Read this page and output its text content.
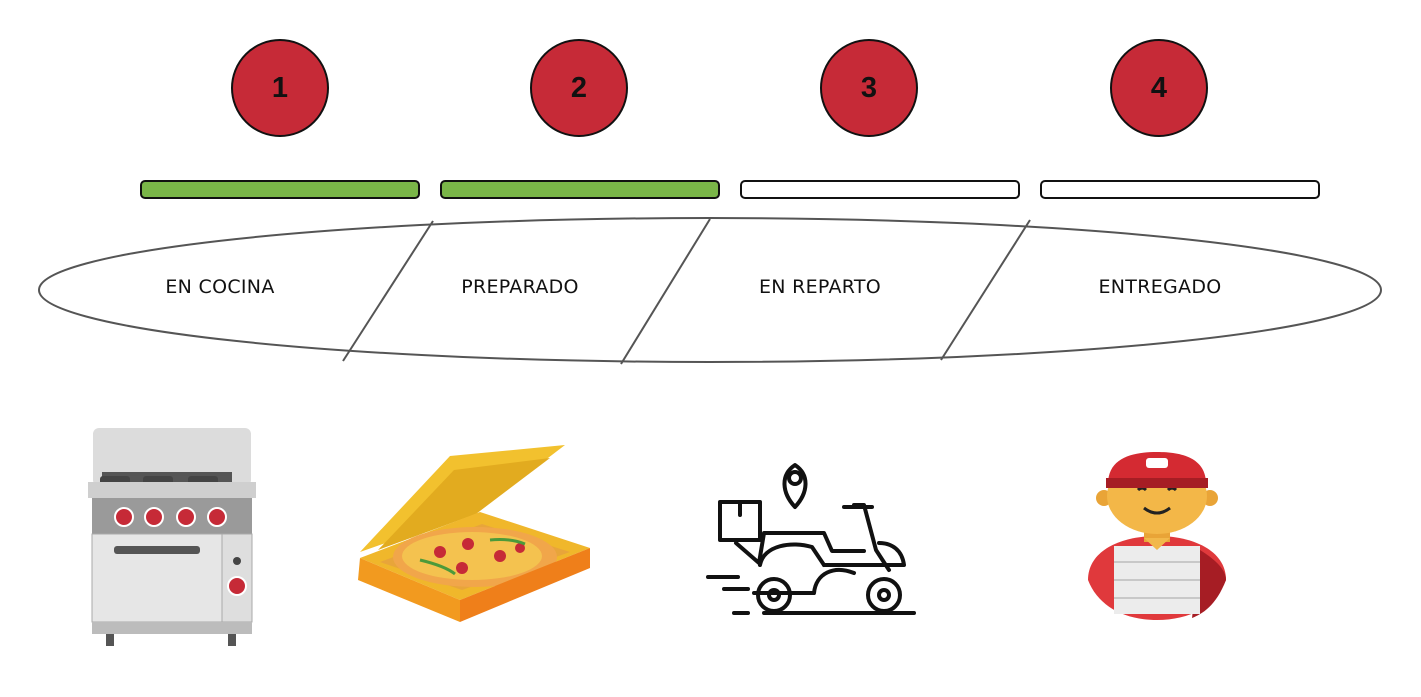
1	2	3	4
EN COCINA	PREPARADO	EN REPARTO	ENTREGADO
